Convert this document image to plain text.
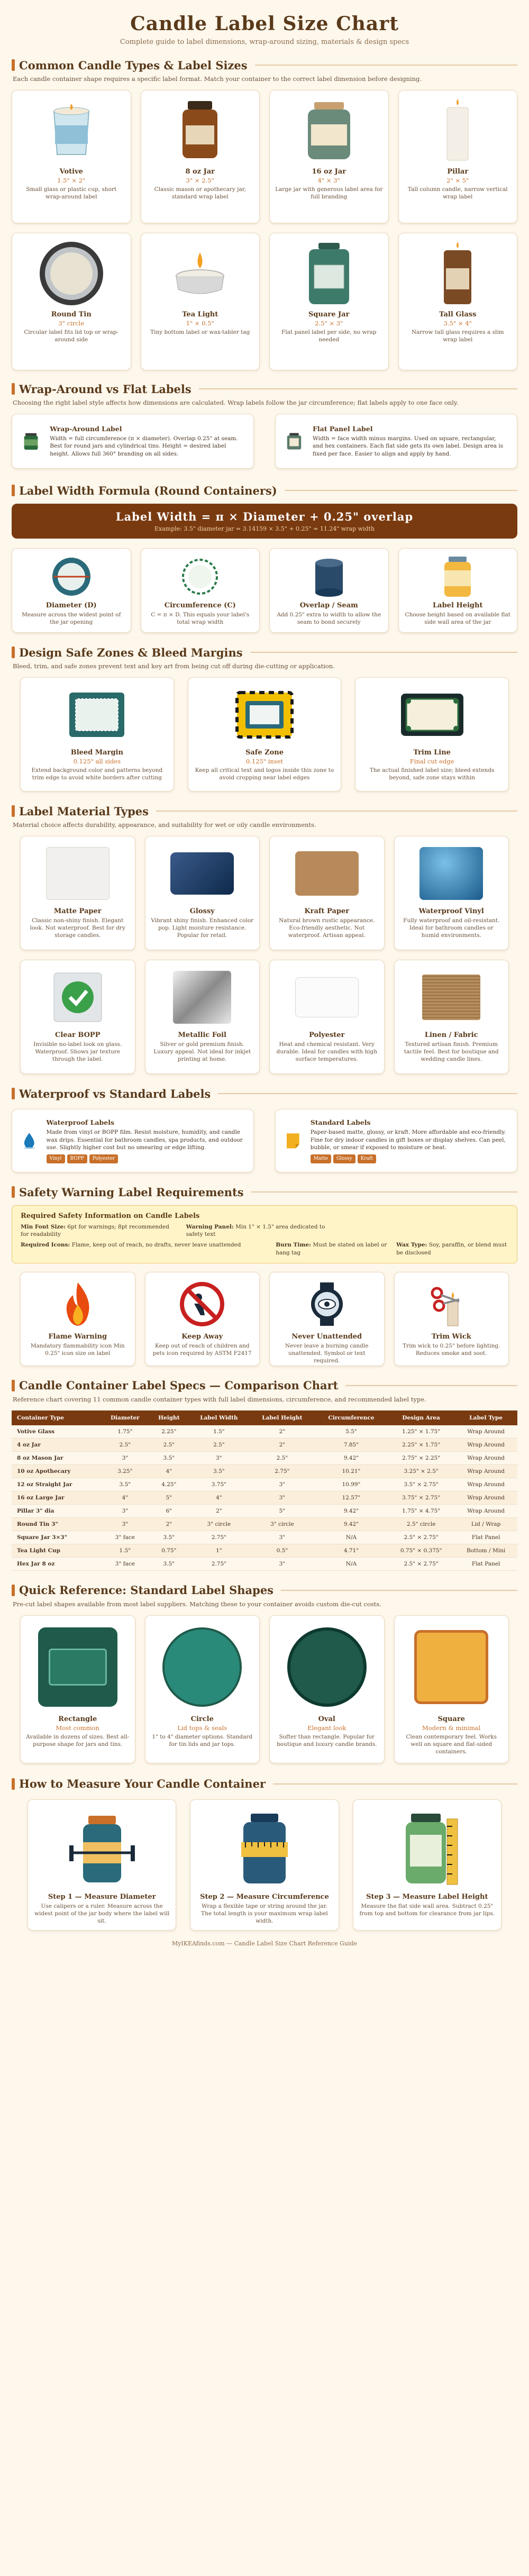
Candle Label Size Chart

Complete guide to label dimensions, wrap-around sizing, materials & design specs

Common Candle Types & Label Sizes
Each candle container shape requires a specific label format. Match your container to the correct label dimension before designing.
Votive
1.5" × 2"
Small glass or plastic cup, short wrap-around label
8 oz Jar
3" × 2.5"
Classic mason or apothecary jar, standard wrap label
16 oz Jar
4" × 3"
Large jar with generous label area for full branding
Pillar
2" × 5"
Tall column candle, narrow vertical wrap label
Round Tin
3" circle
Circular label fits lid top or wrap-around side
Tea Light
1" × 0.5"
Tiny bottom label or wax-tabler tag
Square Jar
2.5" × 3"
Flat panel label per side, no wrap needed
Tall Glass
3.5" × 4"
Narrow tall glass requires a slim wrap label
Wrap-Around vs Flat Labels
Choosing the right label style affects how dimensions are calculated. Wrap labels follow the jar circumference; flat labels apply to one face only.
Wrap-Around Label
Width = full circumference (π × diameter). Overlap 0.25" at seam. Best for round jars and cylindrical tins. Height = desired label height. Allows full 360° branding on all sides.
Flat Panel Label
Width = face width minus margins. Used on square, rectangular, and hex containers. Each flat side gets its own label. Design area is fixed per face. Easier to align and apply by hand.
Label Width Formula (Round Containers)
Label Width = π × Diameter + 0.25" overlap
Example: 3.5" diameter jar = 3.14159 × 3.5" + 0.25" = 11.24" wrap width
Diameter (D)
Measure across the widest point of the jar opening
Circumference (C)
C = π × D. This equals your label's total wrap width
Overlap / Seam
Add 0.25" extra to width to allow the seam to bond securely
Label Height
Choose height based on available flat side wall area of the jar
Design Safe Zones & Bleed Margins
Bleed, trim, and safe zones prevent text and key art from being cut off during die-cutting or application.
Bleed Margin
0.125" all sides
Extend background color and patterns beyond trim edge to avoid white borders after cutting
Safe Zone
0.125" inset
Keep all critical text and logos inside this zone to avoid cropping near label edges
Trim Line
Final cut edge
The actual finished label size; bleed extends beyond, safe zone stays within
Label Material Types
Material choice affects durability, appearance, and suitability for wet or oily candle environments.
Matte Paper
Classic non-shiny finish. Elegant look. Not waterproof. Best for dry storage candles.
Glossy
Vibrant shiny finish. Enhanced color pop. Light moisture resistance. Popular for retail.
Kraft Paper
Natural brown rustic appearance. Eco-friendly aesthetic. Not waterproof. Artisan appeal.
Waterproof Vinyl
Fully waterproof and oil-resistant. Ideal for bathroom candles or humid environments.
Clear BOPP
Invisible no-label look on glass. Waterproof. Shows jar texture through the label.
Metallic Foil
Silver or gold premium finish. Luxury appeal. Not ideal for inkjet printing at home.
Polyester
Heat and chemical resistant. Very durable. Ideal for candles with high surface temperatures.
Linen / Fabric
Textured artisan finish. Premium tactile feel. Best for boutique and wedding candle lines.
Waterproof vs Standard Labels
Waterproof Labels
Made from vinyl or BOPP film. Resist moisture, humidity, and candle wax drips. Essential for bathroom candles, spa products, and outdoor use. Slightly higher cost but no smearing or edge lifting.
Vinyl	BOPP	Polyester
Standard Labels
Paper-based matte, glossy, or kraft. More affordable and eco-friendly. Fine for dry indoor candles in gift boxes or display shelves. Can peel, bubble, or smear if exposed to moisture or heat.
Matte	Glossy	Kraft
Safety Warning Label Requirements
Required Safety Information on Candle Labels
Min Font Size: 6pt for warnings; 8pt recommended for readability
Warning Panel: Min 1" × 1.5" area dedicated to safety text
Required Icons: Flame, keep out of reach, no drafts, never leave unattended	Burn Time: Must be stated on label or hang tag
Wax Type: Soy, paraffin, or blend must be disclosed
Flame Warning
Mandatory flammability icon Min 0.25" icon size on label
Keep Away
Keep out of reach of children and pets icon required by ASTM F2417
Never Unattended
Never leave a burning candle unattended. Symbol or text required.
Trim Wick
Trim wick to 0.25" before lighting. Reduces smoke and soot.
Candle Container Label Specs — Comparison Chart
Reference chart covering 11 common candle container types with full label dimensions, circumference, and recommended label type.
Container Type	Diameter	Height	Label Width	Label Height	Circumference	Design Area	Label Type
Votive Glass	1.75"	2.25"	1.5"	2"	5.5"	1.25" × 1.75"	Wrap Around
4 oz Jar	2.5"	2.5"	2.5"	2"	7.85"	2.25" × 1.75"	Wrap Around
8 oz Mason Jar	3"	3.5"	3"	2.5"	9.42"	2.75" × 2.25"	Wrap Around
10 oz Apothecary	3.25"	4"	3.5"	2.75"	10.21"	3.25" × 2.5"	Wrap Around
12 oz Straight Jar	3.5"	4.25"	3.75"	3"	10.99"	3.5" × 2.75"	Wrap Around
16 oz Large Jar	4"	5"	4"	3"	12.57"	3.75" × 2.75"	Wrap Around
Pillar 3" dia	3"	6"	2"	5"	9.42"	1.75" × 4.75"	Wrap Around
Round Tin 3"	3"	2"	3" circle	3" circle	9.42"	2.5" circle	Lid / Wrap
Square Jar 3×3"	3" face	3.5"	2.75"	3"	N/A	2.5" × 2.75"	Flat Panel
Tea Light Cup	1.5"	0.75"	1"	0.5"	4.71"	0.75" × 0.375"	Bottom / Mini
Hex Jar 8 oz	3" face	3.5"	2.75"	3"	N/A	2.5" × 2.75"	Flat Panel
Quick Reference: Standard Label Shapes
Pre-cut label shapes available from most label suppliers. Matching these to your container avoids custom die-cut costs.
Rectangle
Most common
Available in dozens of sizes. Best all-purpose shape for jars and tins.
Circle
Lid tops & seals
1" to 4" diameter options. Standard for tin lids and jar tops.
Oval
Elegant look
Softer than rectangle. Popular for boutique and luxury candle brands.
Square
Modern & minimal
Clean contemporary feel. Works well on square and flat-sided containers.
How to Measure Your Candle Container
Step 1 — Measure Diameter
Use calipers or a ruler. Measure across the widest point of the jar body where the label will sit.
Step 2 — Measure Circumference
Wrap a flexible tape or string around the jar. The total length is your maximum wrap label width.
Step 3 — Measure Label Height
Measure the flat side wall area. Subtract 0.25" from top and bottom for clearance from jar lips.
MyIKEAfinds.com — Candle Label Size Chart Reference Guide
